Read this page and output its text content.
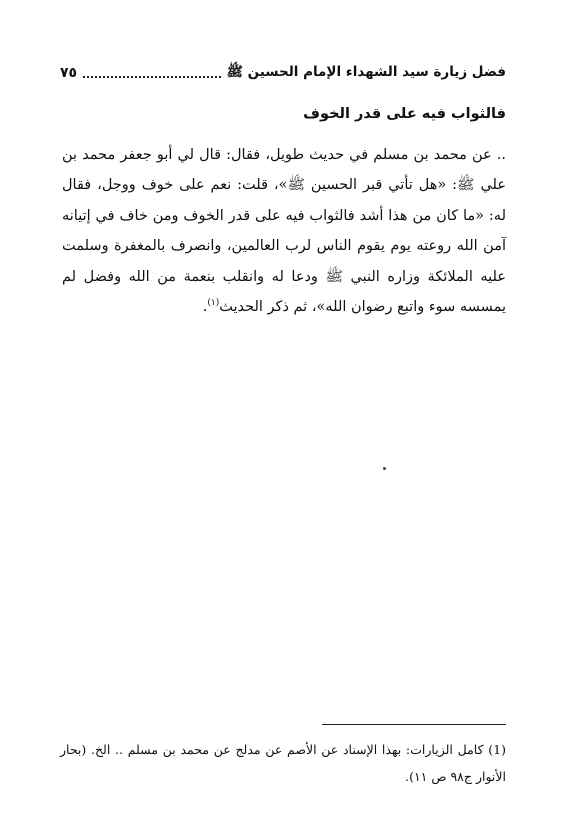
فضل زيارة سيد الشهداء الإمام الحسين ﷺ
٧٥
فالثواب فيه على قدر الخوف

.. عن محمد بن مسلم في حديث طويل، فقال: قال لي أبو جعفر محمد بن علي ﷺ: «هل تأتي قبر الحسين ﷺ»، قلت: نعم على خوف ووجل، فقال له: «ما كان من هذا أشد فالثواب فيه على قدر الخوف ومن خاف في إتيانه آمن الله روعته يوم يقوم الناس لرب العالمين، وانصرف بالمغفرة وسلمت عليه الملائكة وزاره النبي ﷺ ودعا له وانقلب بنعمة من الله وفضل لم يمسسه سوء واتبع رضوان الله»، ثم ذكر الحديث$^{(١)}$.

(1) كامل الزيارات: بهذا الإسناد عن الأصم عن مدلج عن محمد بن مسلم .. الخ. (بحار الأنوار ج٩٨ ص ١١).
